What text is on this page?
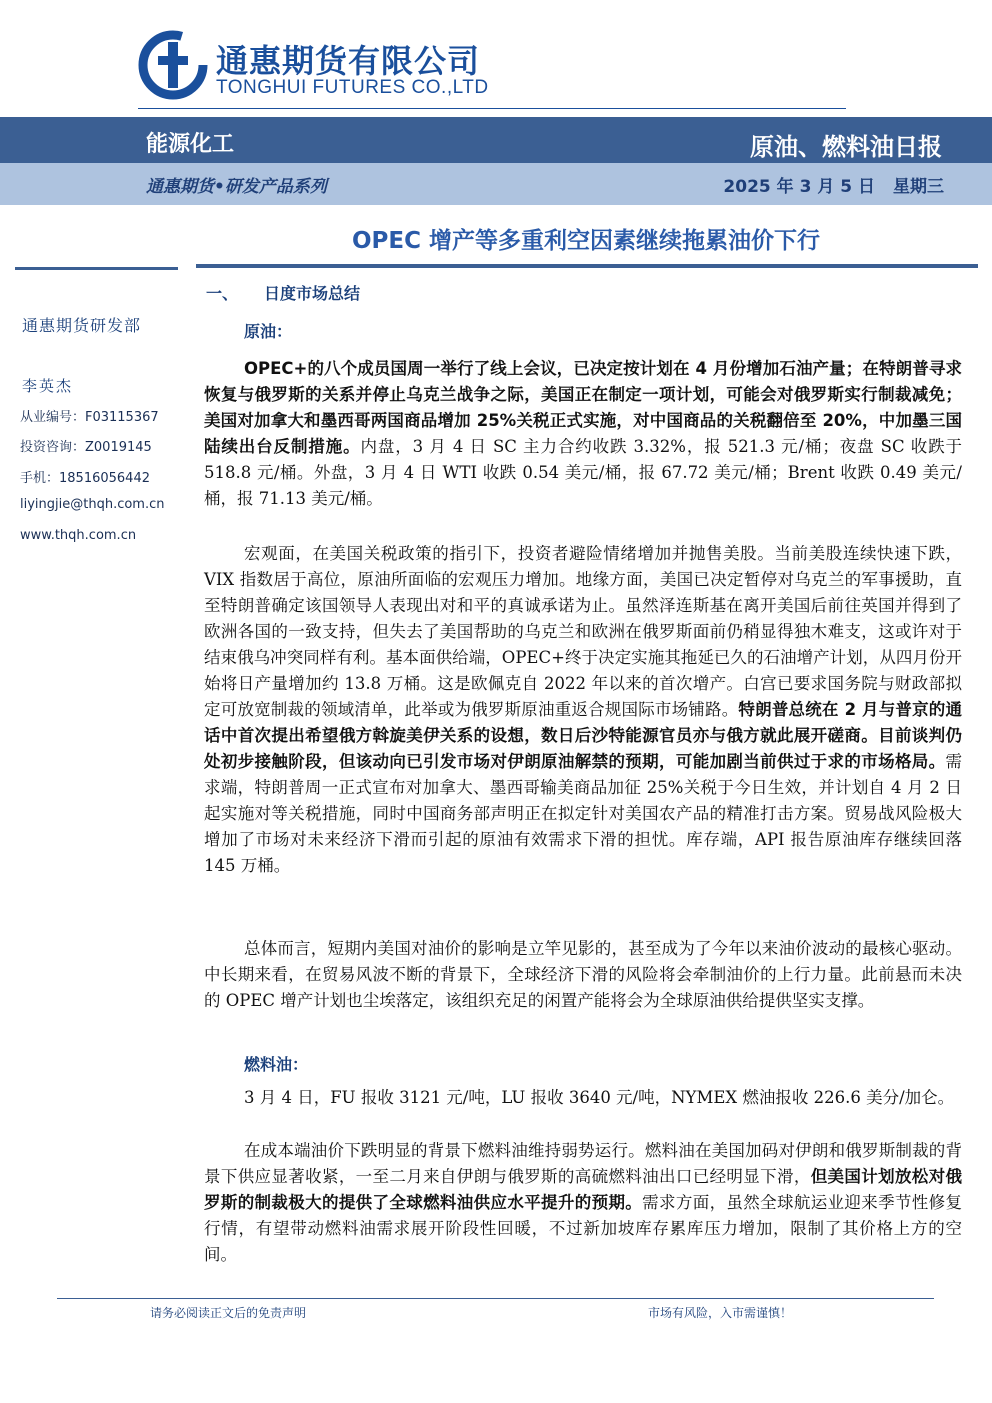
通惠期货有限公司
TONGHUI FUTURES CO.,LTD
能源化工	原油、燃料油日报
通惠期货•研发产品系列	2025 年 3 月 5 日 星期三
OPEC 增产等多重利空因素继续拖累油价下行
通惠期货研发部
李英杰
从业编号：F03115367
投资咨询：Z0019145
手机：18516056442
liyingjie@thqh.com.cn
www.thqh.com.cn
一、 日度市场总结
原油：

OPEC+的八个成员国周一举行了线上会议，已决定按计划在 4 月份增加石油产量；在特朗普寻求恢复与俄罗斯的关系并停止乌克兰战争之际，美国正在制定一项计划，可能会对俄罗斯实行制裁减免；美国对加拿大和墨西哥两国商品增加 25%关税正式实施，对中国商品的关税翻倍至 20%，中加墨三国陆续出台反制措施。内盘，3 月 4 日 SC 主力合约收跌 3.32%，报 521.3 元/桶；夜盘 SC 收跌于 518.8 元/桶。外盘，3 月 4 日 WTI 收跌 0.54 美元/桶，报 67.72 美元/桶；Brent 收跌 0.49 美元/桶，报 71.13 美元/桶。

宏观面，在美国关税政策的指引下，投资者避险情绪增加并抛售美股。当前美股连续快速下跌，VIX 指数居于高位，原油所面临的宏观压力增加。地缘方面，美国已决定暂停对乌克兰的军事援助，直至特朗普确定该国领导人表现出对和平的真诚承诺为止。虽然泽连斯基在离开美国后前往英国并得到了欧洲各国的一致支持，但失去了美国帮助的乌克兰和欧洲在俄罗斯面前仍稍显得独木难支，这或许对于结束俄乌冲突同样有利。基本面供给端，OPEC+终于决定实施其拖延已久的石油增产计划，从四月份开始将日产量增加约 13.8 万桶。这是欧佩克自 2022 年以来的首次增产。白宫已要求国务院与财政部拟定可放宽制裁的领域清单，此举或为俄罗斯原油重返合规国际市场铺路。特朗普总统在 2 月与普京的通话中首次提出希望俄方斡旋美伊关系的设想，数日后沙特能源官员亦与俄方就此展开磋商。目前谈判仍处初步接触阶段，但该动向已引发市场对伊朗原油解禁的预期，可能加剧当前供过于求的市场格局。需求端，特朗普周一正式宣布对加拿大、墨西哥输美商品加征 25%关税于今日生效，并计划自 4 月 2 日起实施对等关税措施，同时中国商务部声明正在拟定针对美国农产品的精准打击方案。贸易战风险极大增加了市场对未来经济下滑而引起的原油有效需求下滑的担忧。库存端，API 报告原油库存继续回落 145 万桶。

总体而言，短期内美国对油价的影响是立竿见影的，甚至成为了今年以来油价波动的最核心驱动。中长期来看，在贸易风波不断的背景下，全球经济下滑的风险将会牵制油价的上行力量。此前悬而未决的 OPEC 增产计划也尘埃落定，该组织充足的闲置产能将会为全球原油供给提供坚实支撑。

燃料油：

3 月 4 日，FU 报收 3121 元/吨，LU 报收 3640 元/吨，NYMEX 燃油报收 226.6 美分/加仑。

在成本端油价下跌明显的背景下燃料油维持弱势运行。燃料油在美国加码对伊朗和俄罗斯制裁的背景下供应显著收紧，一至二月来自伊朗与俄罗斯的高硫燃料油出口已经明显下滑，但美国计划放松对俄罗斯的制裁极大的提供了全球燃料油供应水平提升的预期。需求方面，虽然全球航运业迎来季节性修复行情，有望带动燃料油需求展开阶段性回暖，不过新加坡库存累库压力增加，限制了其价格上方的空间。

请务必阅读正文后的免责声明	市场有风险，入市需谨慎！
